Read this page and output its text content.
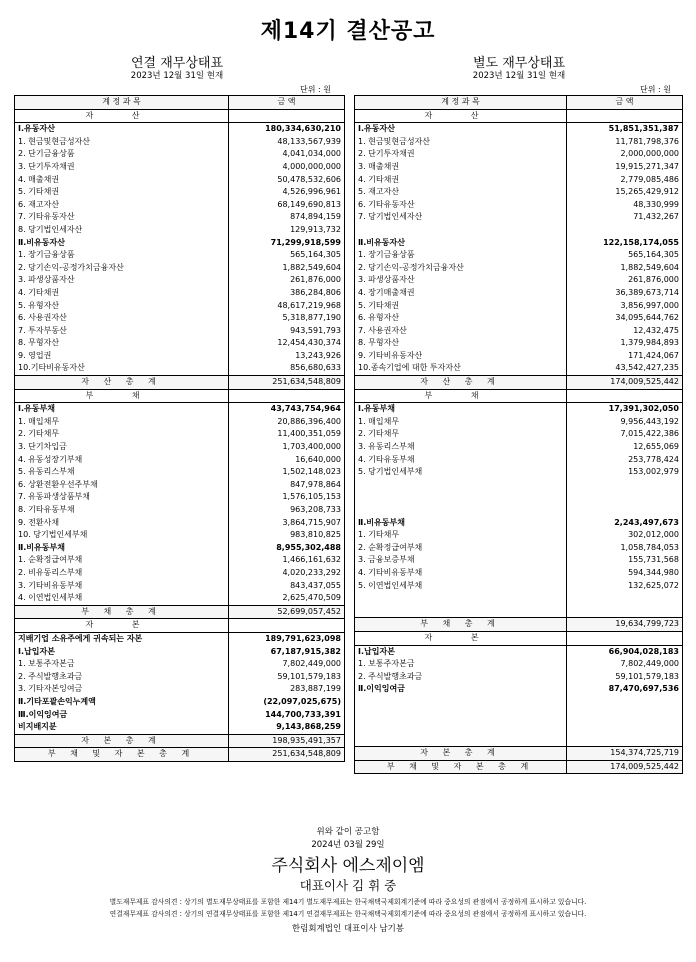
제14기 결산공고
연결 재무상태표
2023년 12월 31일 현재
단위 : 원
별도 재무상태표
2023년 12월 31일 현재
단위 : 원
계 정 과 목	금 액
자 산	
Ⅰ.유동자산	180,334,630,210
1. 현금및현금성자산	48,133,567,939
2. 단기금융상품	4,041,034,000
3. 단기투자채권	4,000,000,000
4. 매출채권	50,478,532,606
5. 기타채권	4,526,996,961
6. 재고자산	68,149,690,813
7. 기타유동자산	874,894,159
8. 당기법인세자산	129,913,732
Ⅱ.비유동자산	71,299,918,599
1. 장기금융상품	565,164,305
2. 당기손익-공정가치금융자산	1,882,549,604
3. 파생상품자산	261,876,000
4. 기타채권	386,284,806
5. 유형자산	48,617,219,968
6. 사용권자산	5,318,877,190
7. 투자부동산	943,591,793
8. 무형자산	12,454,430,374
9. 영업권	13,243,926
10.기타비유동자산	856,680,633
자 산 총 계	251,634,548,809
부 채	
Ⅰ.유동부채	43,743,754,964
1. 매입채무	20,886,396,400
2. 기타채무	11,400,351,059
3. 단기차입금	1,703,400,000
4. 유동성장기부채	16,640,000
5. 유동리스부채	1,502,148,023
6. 상환전환우선주부채	847,978,864
7. 유동파생상품부채	1,576,105,153
8. 기타유동부채	963,208,733
9. 전환사채	3,864,715,907
10. 당기법인세부채	983,810,825
Ⅱ.비유동부채	8,955,302,488
1. 순확정급여부채	1,466,161,632
2. 비유동리스부채	4,020,233,292
3. 기타비유동부채	843,437,055
4. 이연법인세부채	2,625,470,509
부 채 총 계	52,699,057,452
자 본	
지배기업 소유주에게 귀속되는 자본	189,791,623,098
Ⅰ.납입자본	67,187,915,382
1. 보통주자본금	7,802,449,000
2. 주식발행초과금	59,101,579,183
3. 기타자본잉여금	283,887,199
Ⅱ.기타포괄손익누계액	(22,097,025,675)
Ⅲ.이익잉여금	144,700,733,391
비지배지분	9,143,868,259
자 본 총 계	198,935,491,357
부 채 및 자 본 총 계	251,634,548,809
계 정 과 목	금 액
자 산	
Ⅰ.유동자산	51,851,351,387
1. 현금및현금성자산	11,781,798,376
2. 단기투자채권	2,000,000,000
3. 매출채권	19,915,271,347
4. 기타채권	2,779,085,486
5. 재고자산	15,265,429,912
6. 기타유동자산	48,330,999
7. 당기법인세자산	71,432,267

Ⅱ.비유동자산	122,158,174,055
1. 장기금융상품	565,164,305
2. 당기손익-공정가치금융자산	1,882,549,604
3. 파생상품자산	261,876,000
4. 장기매출채권	36,389,673,714
5. 기타채권	3,856,997,000
6. 유형자산	34,095,644,762
7. 사용권자산	12,432,475
8. 무형자산	1,379,984,893
9. 기타비유동자산	171,424,067
10.종속기업에 대한 투자자산	43,542,427,235
자 산 총 계	174,009,525,442
부 채	
Ⅰ.유동부채	17,391,302,050
1. 매입채무	9,956,443,192
2. 기타채무	7,015,422,386
3. 유동리스부채	12,655,069
4. 기타유동부채	253,778,424
5. 당기법인세부채	153,002,979

Ⅱ.비유동부채	2,243,497,673
1. 기타채무	302,012,000
2. 순확정급여부채	1,058,784,053
3. 금융보증부채	155,731,568
4. 기타비유동부채	594,344,980
5. 이연법인세부채	132,625,072

부 채 총 계	19,634,799,723
자 본	
Ⅰ.납입자본	66,904,028,183
1. 보통주자본금	7,802,449,000
2. 주식발행초과금	59,101,579,183
Ⅱ.이익잉여금	87,470,697,536

자 본 총 계	154,374,725,719
부 채 및 자 본 총 계	174,009,525,442
위와 같이 공고함
2024년 03월 29일
주식회사 에스제이엠
대표이사 김 휘 중
별도재무제표 감사의견 : 상기의 별도재무상태표를 포함한 제14기 별도재무제표는 한국채택국제회계기준에 따라 중요성의 관점에서 공정하게 표시하고 있습니다.
연결재무제표 감사의견 : 상기의 연결재무상태표를 포함한 제14기 연결재무제표는 한국채택국제회계기준에 따라 중요성의 관점에서 공정하게 표시하고 있습니다.
한림회계법인 대표이사 남기봉
